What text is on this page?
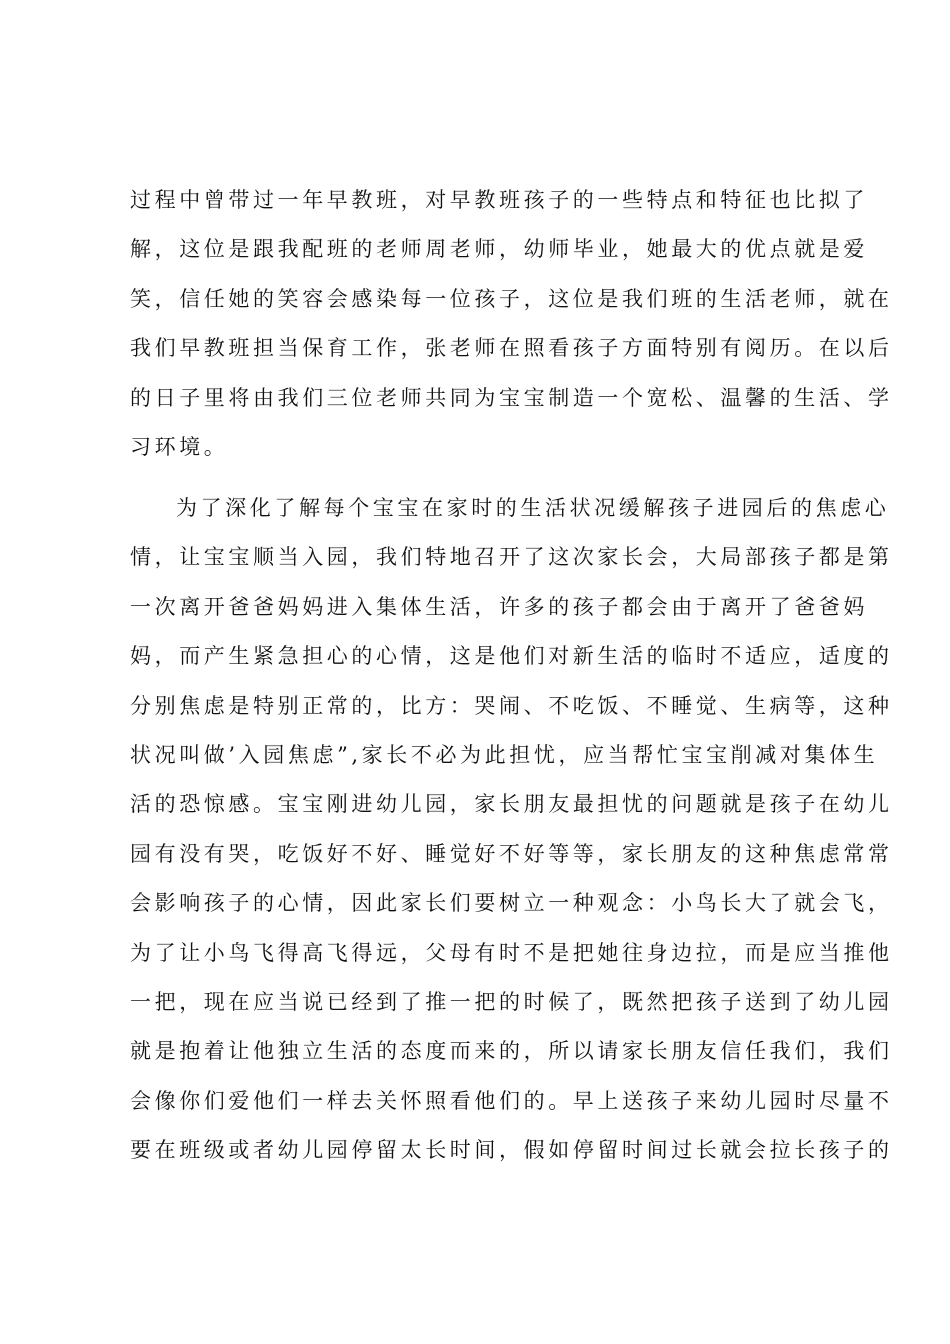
过程中曾带过一年早教班，对早教班孩子的一些特点和特征也比拟了
解，这位是跟我配班的老师周老师，幼师毕业，她最大的优点就是爱
笑，信任她的笑容会感染每一位孩子，这位是我们班的生活老师，就在
我们早教班担当保育工作，张老师在照看孩子方面特别有阅历。在以后
的日子里将由我们三位老师共同为宝宝制造一个宽松、温馨的生活、学
习环境。
为了深化了解每个宝宝在家时的生活状况缓解孩子进园后的焦虑心
情，让宝宝顺当入园，我们特地召开了这次家长会，大局部孩子都是第
一次离开爸爸妈妈进入集体生活，许多的孩子都会由于离开了爸爸妈
妈，而产生紧急担心的心情，这是他们对新生活的临时不适应，适度的
分别焦虑是特别正常的，比方：哭闹、不吃饭、不睡觉、生病等，这种
状况叫做’入园焦虑”,家长不必为此担忧，应当帮忙宝宝削减对集体生
活的恐惊感。宝宝刚进幼儿园，家长朋友最担忧的问题就是孩子在幼儿
园有没有哭，吃饭好不好、睡觉好不好等等，家长朋友的这种焦虑常常
会影响孩子的心情，因此家长们要树立一种观念：小鸟长大了就会飞，
为了让小鸟飞得高飞得远，父母有时不是把她往身边拉，而是应当推他
一把，现在应当说已经到了推一把的时候了，既然把孩子送到了幼儿园
就是抱着让他独立生活的态度而来的，所以请家长朋友信任我们，我们
会像你们爱他们一样去关怀照看他们的。早上送孩子来幼儿园时尽量不
要在班级或者幼儿园停留太长时间，假如停留时间过长就会拉长孩子的
